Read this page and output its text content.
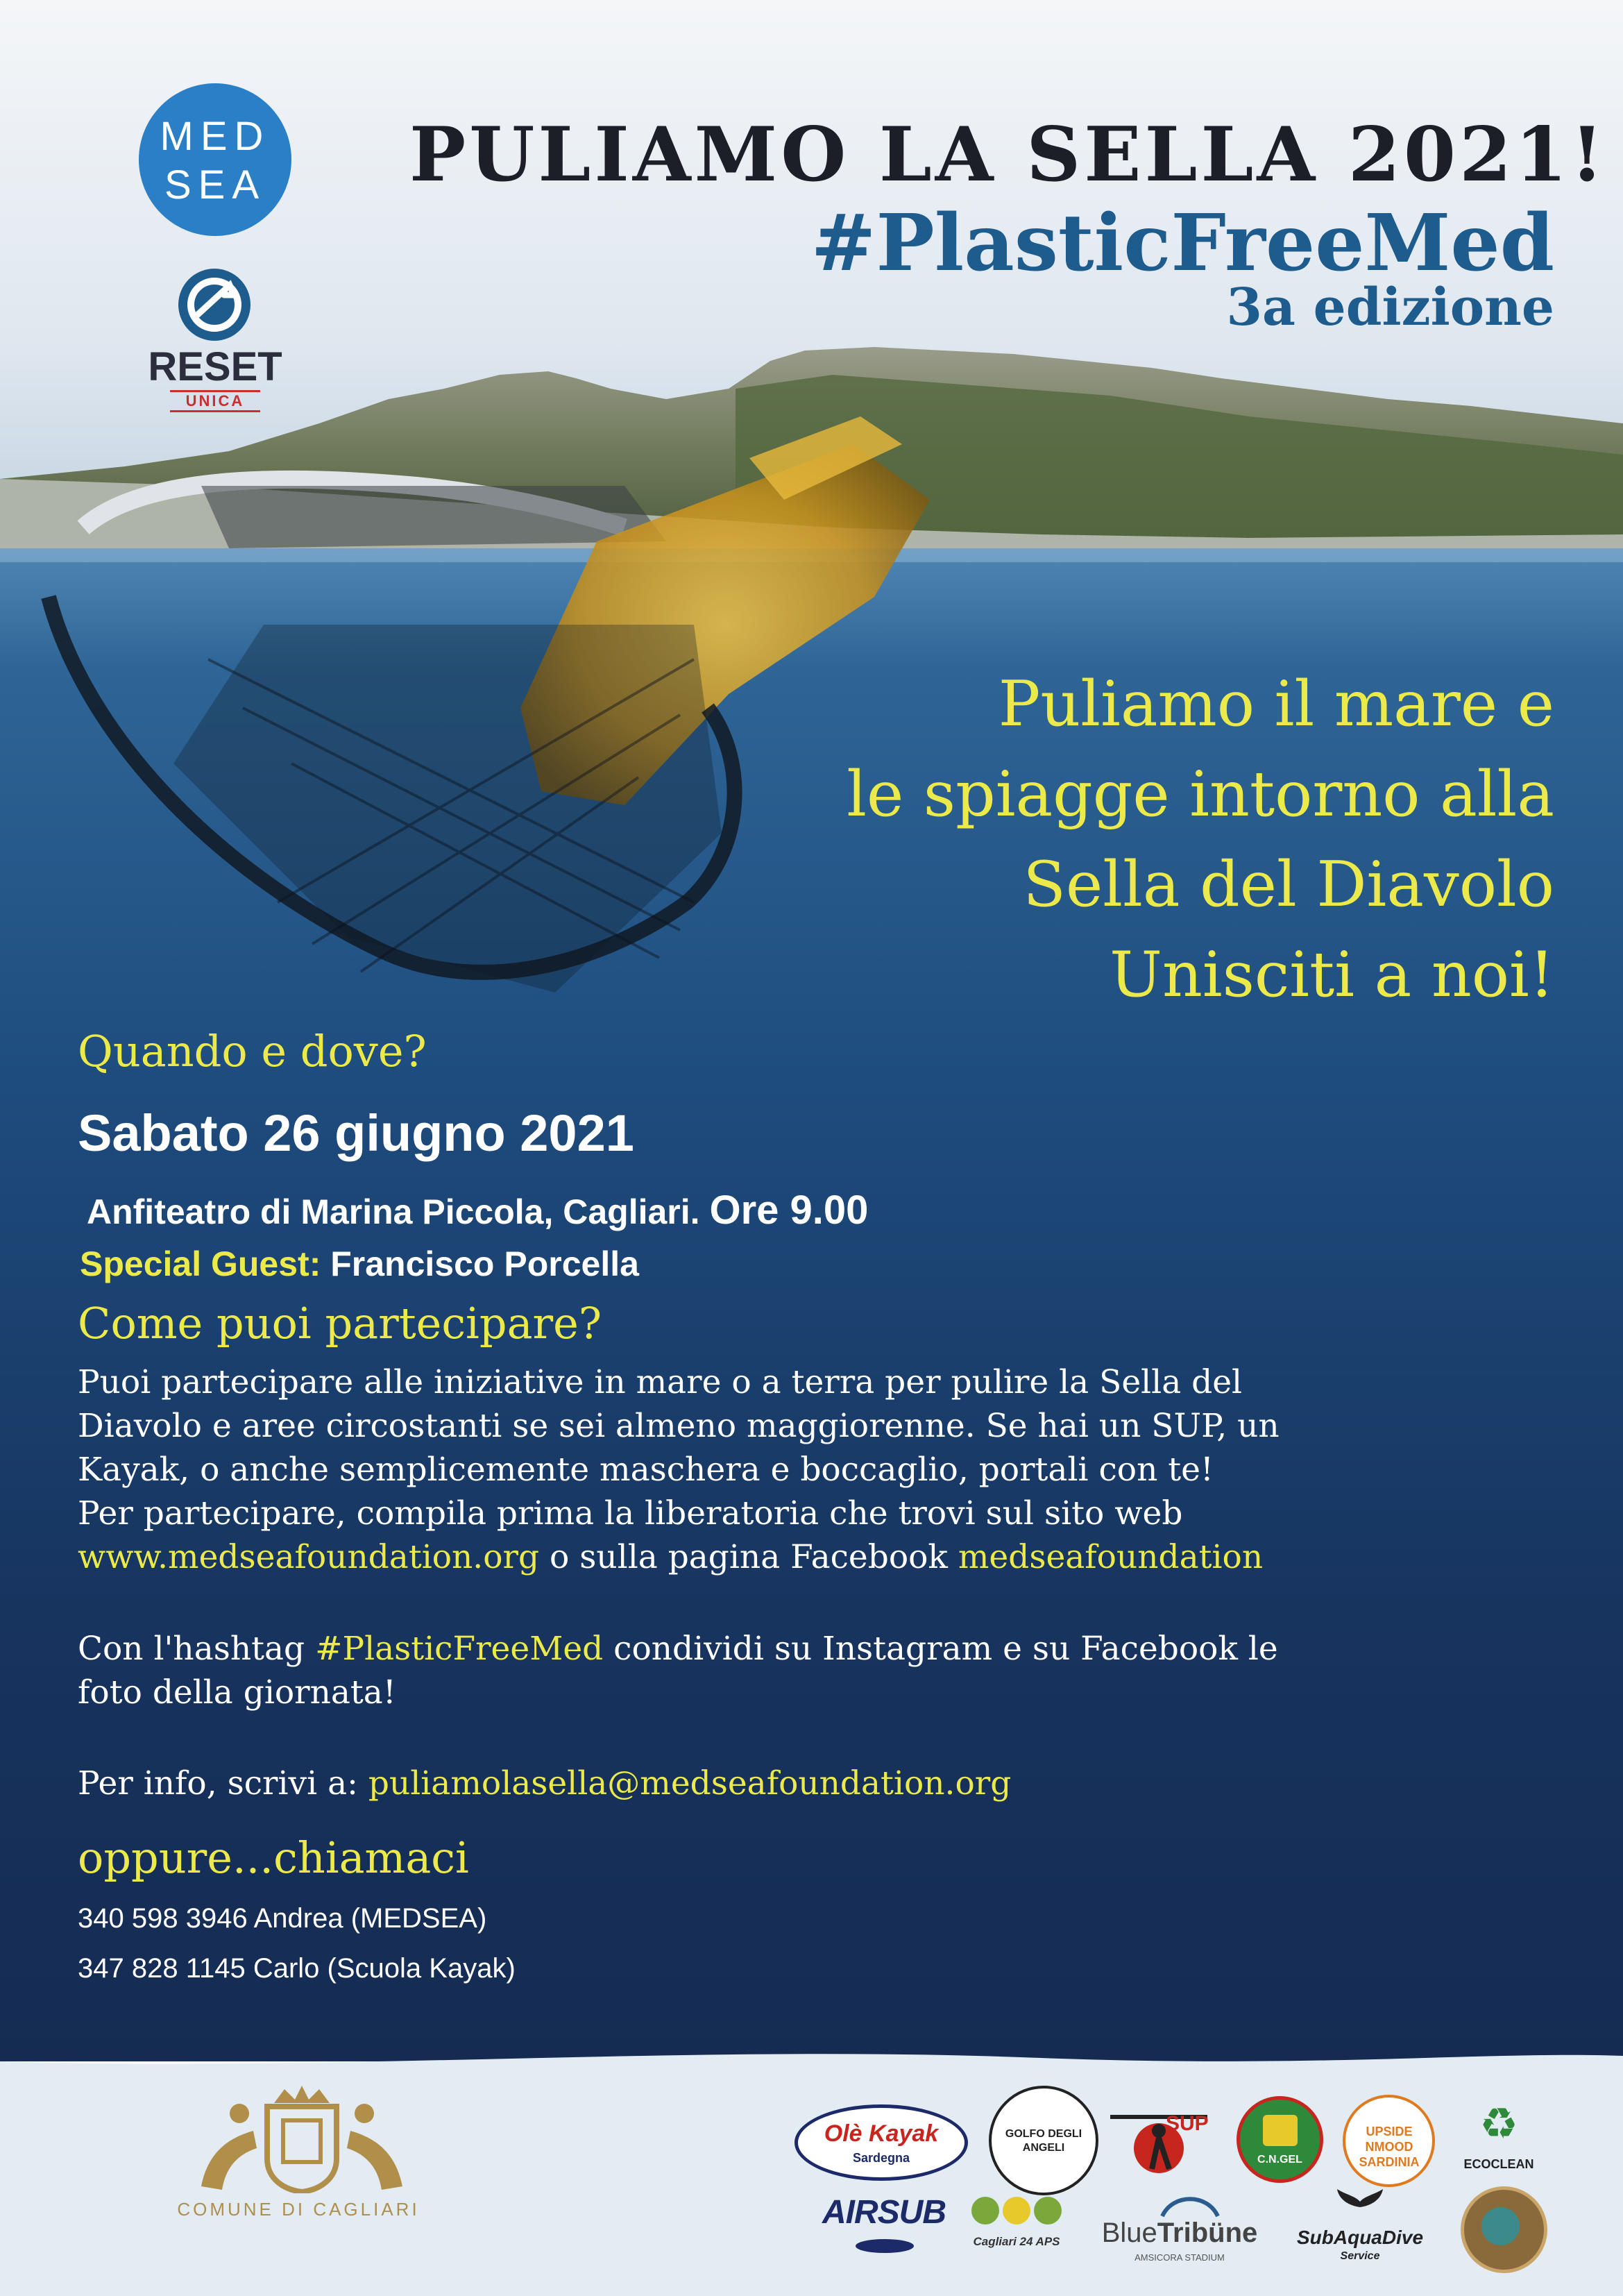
MED
SEA
RESET
UNICA
PULIAMO LA SELLA 2021!
#PlasticFreeMed
3a edizione
Puliamo il mare e
le spiagge intorno alla
Sella del Diavolo
Unisciti a noi!
Quando e dove?
Sabato 26 giugno 2021
Anfiteatro di Marina Piccola, Cagliari. Ore 9.00
Special Guest: Francisco Porcella
Come puoi partecipare?
Puoi partecipare alle iniziative in mare o a terra per pulire la Sella del
Diavolo e aree circostanti se sei almeno maggiorenne. Se hai un SUP, un
Kayak, o anche semplicemente maschera e boccaglio, portali con te!
Per partecipare, compila prima la liberatoria che trovi sul sito web
www.medseafoundation.org o sulla pagina Facebook medseafoundation
Con l'hashtag #PlasticFreeMed condividi su Instagram e su Facebook le
foto della giornata!
Per info, scrivi a: puliamolasella@medseafoundation.org
oppure...chiamaci
340 598 3946 Andrea (MEDSEA)
347 828 1145 Carlo (Scuola Kayak)
COMUNE DI CAGLIARI
Olè Kayak
Sardegna
GOLFO DEGLI ANGELI
SUP
C.N.GEL
UPSIDE NMOOD SARDINIA
♻
ECOCLEAN
AIRSUB
Cagliari 24 APS	BlueTribüne
AMSICORA STADIUM
SubAquaDive
Service
